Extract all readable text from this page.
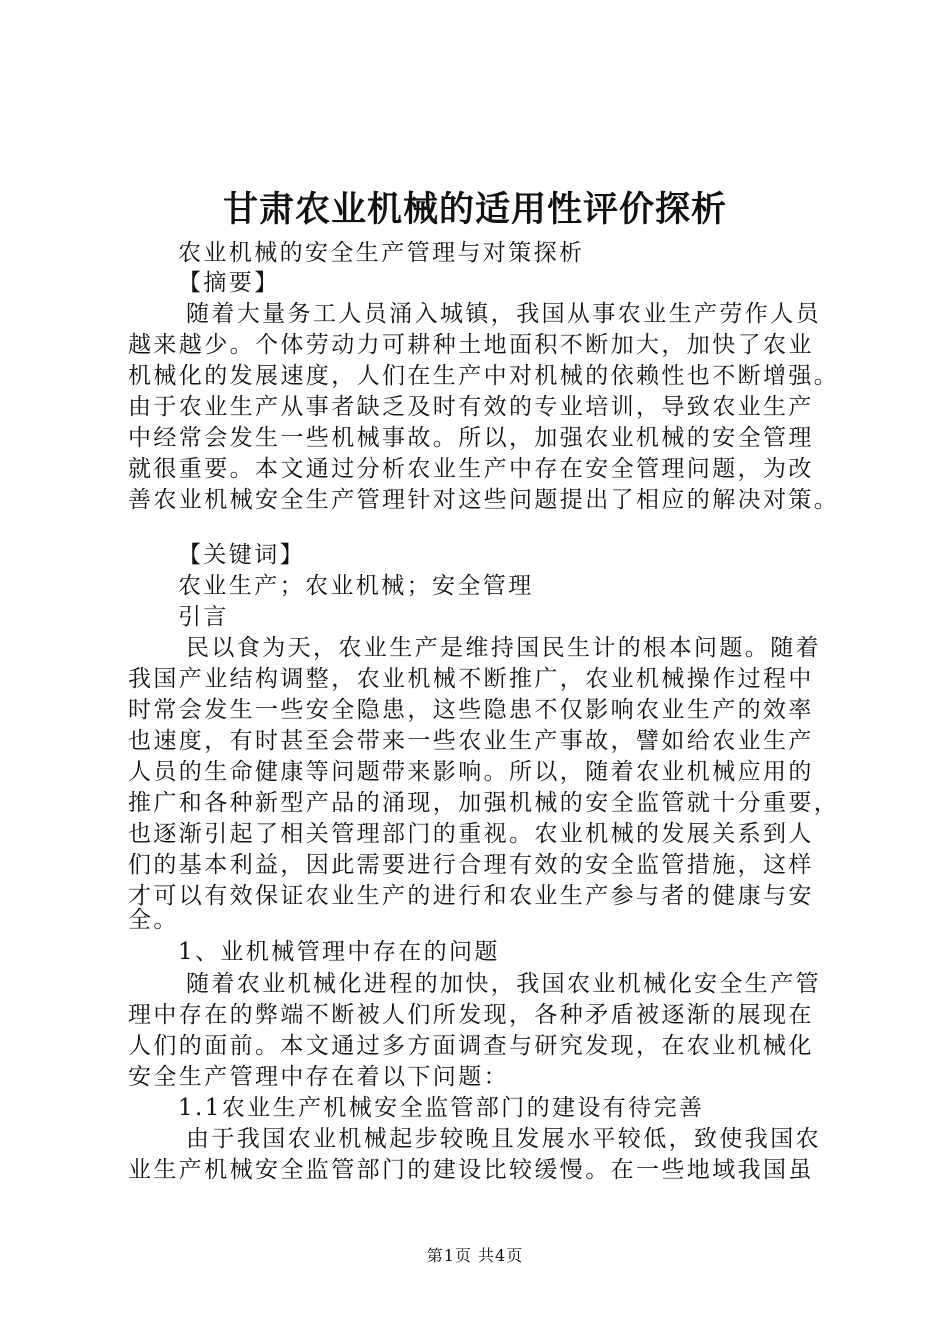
甘肃农业机械的适用性评价探析

农业机械的安全生产管理与对策探析

【摘要】

随着大量务工人员涌入城镇，我国从事农业生产劳作人员

越来越少。个体劳动力可耕种土地面积不断加大，加快了农业

机械化的发展速度，人们在生产中对机械的依赖性也不断增强。

由于农业生产从事者缺乏及时有效的专业培训，导致农业生产

中经常会发生一些机械事故。所以，加强农业机械的安全管理

就很重要。本文通过分析农业生产中存在安全管理问题，为改

善农业机械安全生产管理针对这些问题提出了相应的解决对策。

【关键词】

农业生产；农业机械；安全管理

引言

民以食为天，农业生产是维持国民生计的根本问题。随着

我国产业结构调整，农业机械不断推广，农业机械操作过程中

时常会发生一些安全隐患，这些隐患不仅影响农业生产的效率

也速度，有时甚至会带来一些农业生产事故，譬如给农业生产

人员的生命健康等问题带来影响。所以，随着农业机械应用的

推广和各种新型产品的涌现，加强机械的安全监管就十分重要，

也逐渐引起了相关管理部门的重视。农业机械的发展关系到人

们的基本利益，因此需要进行合理有效的安全监管措施，这样

才可以有效保证农业生产的进行和农业生产参与者的健康与安

全。

1、业机械管理中存在的问题

随着农业机械化进程的加快，我国农业机械化安全生产管

理中存在的弊端不断被人们所发现，各种矛盾被逐渐的展现在

人们的面前。本文通过多方面调查与研究发现，在农业机械化

安全生产管理中存在着以下问题：

1.1农业生产机械安全监管部门的建设有待完善

由于我国农业机械起步较晚且发展水平较低，致使我国农

业生产机械安全监管部门的建设比较缓慢。在一些地域我国虽

第1页 共4页
